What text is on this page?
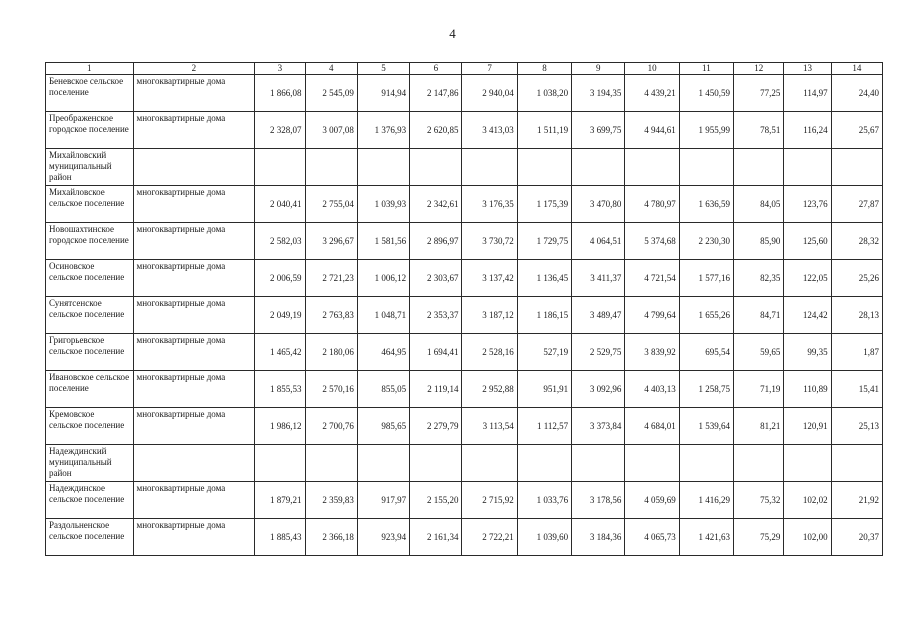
4
1	2	3	4	5	6	7	8	9	10	11	12	13	14
Беневское сельское поселение	многоквартирные дома	1 866,08	2 545,09	914,94	2 147,86	2 940,04	1 038,20	3 194,35	4 439,21	1 450,59	77,25	114,97	24,40
Преображенское городское поселение	многоквартирные дома	2 328,07	3 007,08	1 376,93	2 620,85	3 413,03	1 511,19	3 699,75	4 944,61	1 955,99	78,51	116,24	25,67
Михайловский муниципальный район													
Михайловское сельское поселение	многоквартирные дома	2 040,41	2 755,04	1 039,93	2 342,61	3 176,35	1 175,39	3 470,80	4 780,97	1 636,59	84,05	123,76	27,87
Новошахтинское городское поселение	многоквартирные дома	2 582,03	3 296,67	1 581,56	2 896,97	3 730,72	1 729,75	4 064,51	5 374,68	2 230,30	85,90	125,60	28,32
Осиновское сельское поселение	многоквартирные дома	2 006,59	2 721,23	1 006,12	2 303,67	3 137,42	1 136,45	3 411,37	4 721,54	1 577,16	82,35	122,05	25,26
Сунятсенское сельское поселение	многоквартирные дома	2 049,19	2 763,83	1 048,71	2 353,37	3 187,12	1 186,15	3 489,47	4 799,64	1 655,26	84,71	124,42	28,13
Григорьевское сельское поселение	многоквартирные дома	1 465,42	2 180,06	464,95	1 694,41	2 528,16	527,19	2 529,75	3 839,92	695,54	59,65	99,35	1,87
Ивановское сельское поселение	многоквартирные дома	1 855,53	2 570,16	855,05	2 119,14	2 952,88	951,91	3 092,96	4 403,13	1 258,75	71,19	110,89	15,41
Кремовское сельское поселение	многоквартирные дома	1 986,12	2 700,76	985,65	2 279,79	3 113,54	1 112,57	3 373,84	4 684,01	1 539,64	81,21	120,91	25,13
Надеждинский муниципальный район													
Надеждинское сельское поселение	многоквартирные дома	1 879,21	2 359,83	917,97	2 155,20	2 715,92	1 033,76	3 178,56	4 059,69	1 416,29	75,32	102,02	21,92
Раздольненское сельское поселение	многоквартирные дома	1 885,43	2 366,18	923,94	2 161,34	2 722,21	1 039,60	3 184,36	4 065,73	1 421,63	75,29	102,00	20,37
